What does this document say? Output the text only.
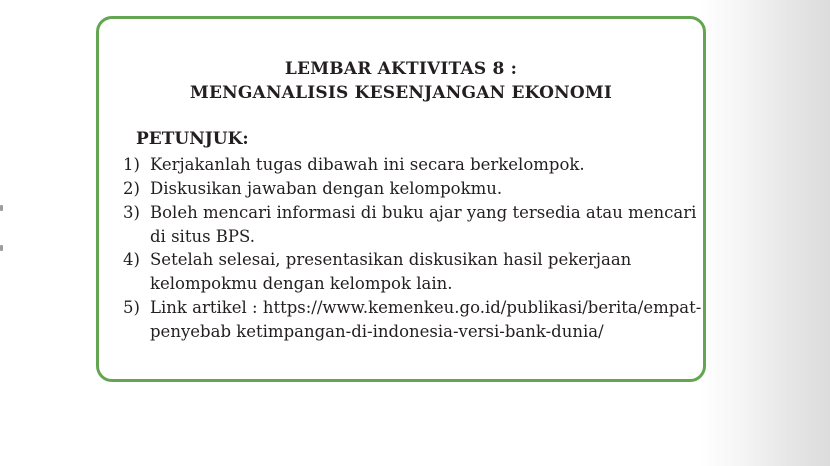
LEMBAR AKTIVITAS 8 :
MENGANALISIS KESENJANGAN EKONOMI
PETUNJUK:
1) Kerjakanlah tugas dibawah ini secara berkelompok.
2) Diskusikan jawaban dengan kelompokmu.
3) Boleh mencari informasi di buku ajar yang tersedia atau mencari
di situs BPS.
4) Setelah selesai, presentasikan diskusikan hasil pekerjaan
kelompokmu dengan kelompok lain.
5) Link artikel : https://www.kemenkeu.go.id/publikasi/berita/empat-
penyebab ketimpangan-di-indonesia-versi-bank-dunia/
